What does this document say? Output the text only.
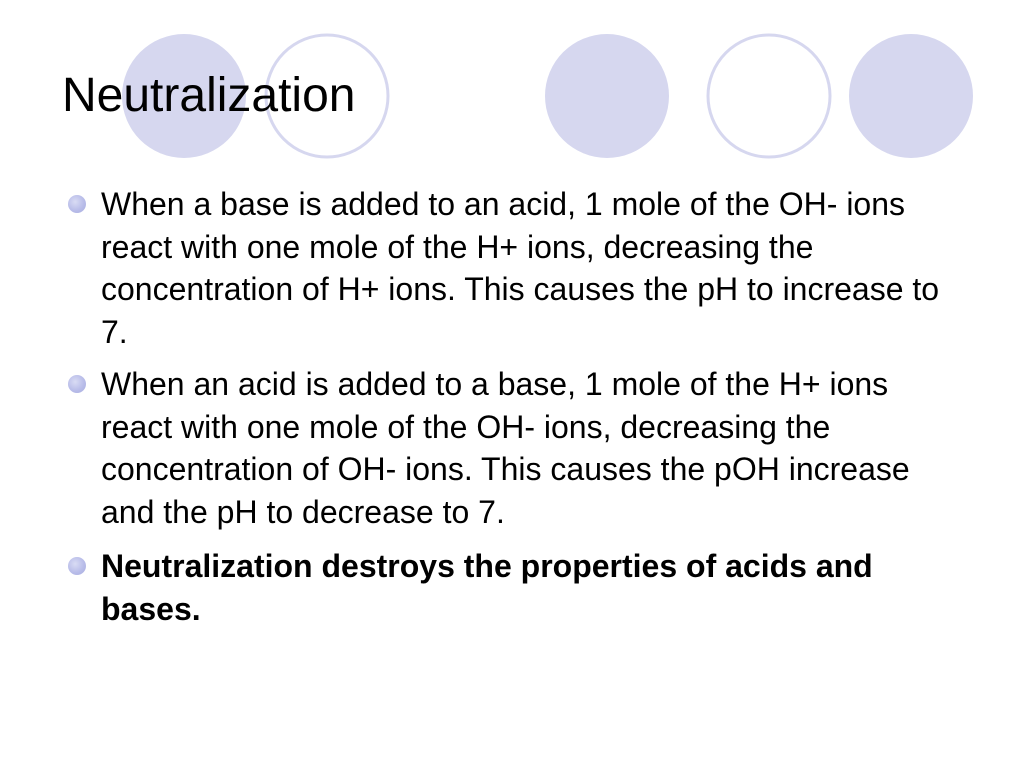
Neutralization
When a base is added to an acid, 1 mole of the OH- ions react with one mole of the H+ ions, decreasing the concentration of H+ ions. This causes the pH to increase to 7.
When an acid is added to a base, 1 mole of the H+ ions react with one mole of the OH- ions, decreasing the concentration of OH- ions. This causes the pOH increase and the pH to decrease to 7.
Neutralization destroys the properties of acids and bases.
